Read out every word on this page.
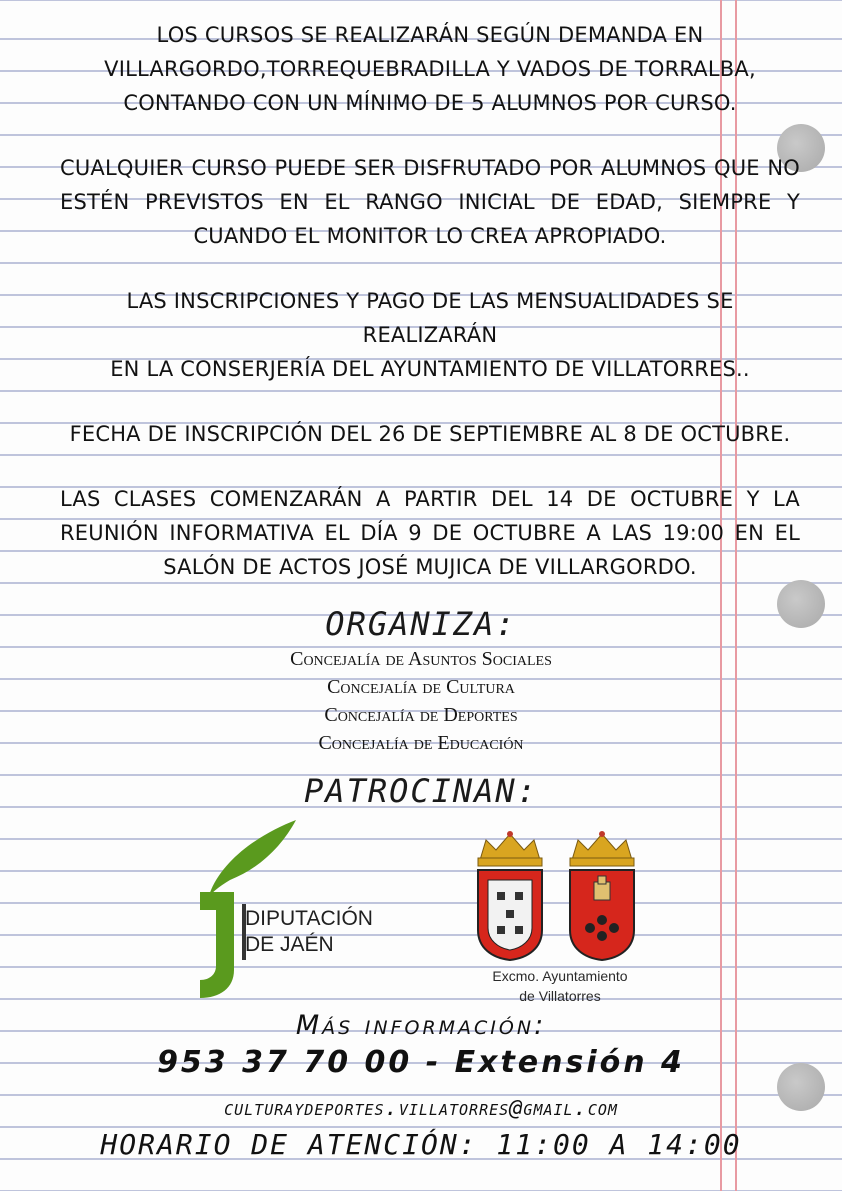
LOS CURSOS SE REALIZARÁN SEGÚN DEMANDA EN
VILLARGORDO,TORREQUEBRADILLA Y VADOS DE TORRALBA,
CONTANDO CON UN MÍNIMO DE 5 ALUMNOS POR CURSO.

CUALQUIER CURSO PUEDE SER DISFRUTADO POR ALUMNOS QUE NO
ESTÉN PREVISTOS EN EL RANGO INICIAL DE EDAD, SIEMPRE Y
CUANDO EL MONITOR LO CREA APROPIADO.

LAS INSCRIPCIONES Y PAGO DE LAS MENSUALIDADES SE REALIZARÁN
EN LA CONSERJERÍA DEL AYUNTAMIENTO DE VILLATORRES..

FECHA DE INSCRIPCIÓN DEL 26 DE SEPTIEMBRE AL 8 DE OCTUBRE.

LAS CLASES COMENZARÁN A PARTIR DEL 14 DE OCTUBRE Y LA
REUNIÓN INFORMATIVA EL DÍA 9 DE OCTUBRE A LAS 19:00 EN EL
SALÓN DE ACTOS JOSÉ MUJICA DE VILLARGORDO.

ORGANIZA:
Concejalía de Asuntos Sociales
Concejalía de Cultura
Concejalía de Deportes
Concejalía de Educación
PATROCINAN:
DIPUTACIÓN
DE JAÉN
Excmo. Ayuntamiento
de Villatorres
Más información:
953 37 70 00 - Extensión 4
culturaydeportes.villatorres@gmail.com
HORARIO DE ATENCIÓN: 11:00 A 14:00
